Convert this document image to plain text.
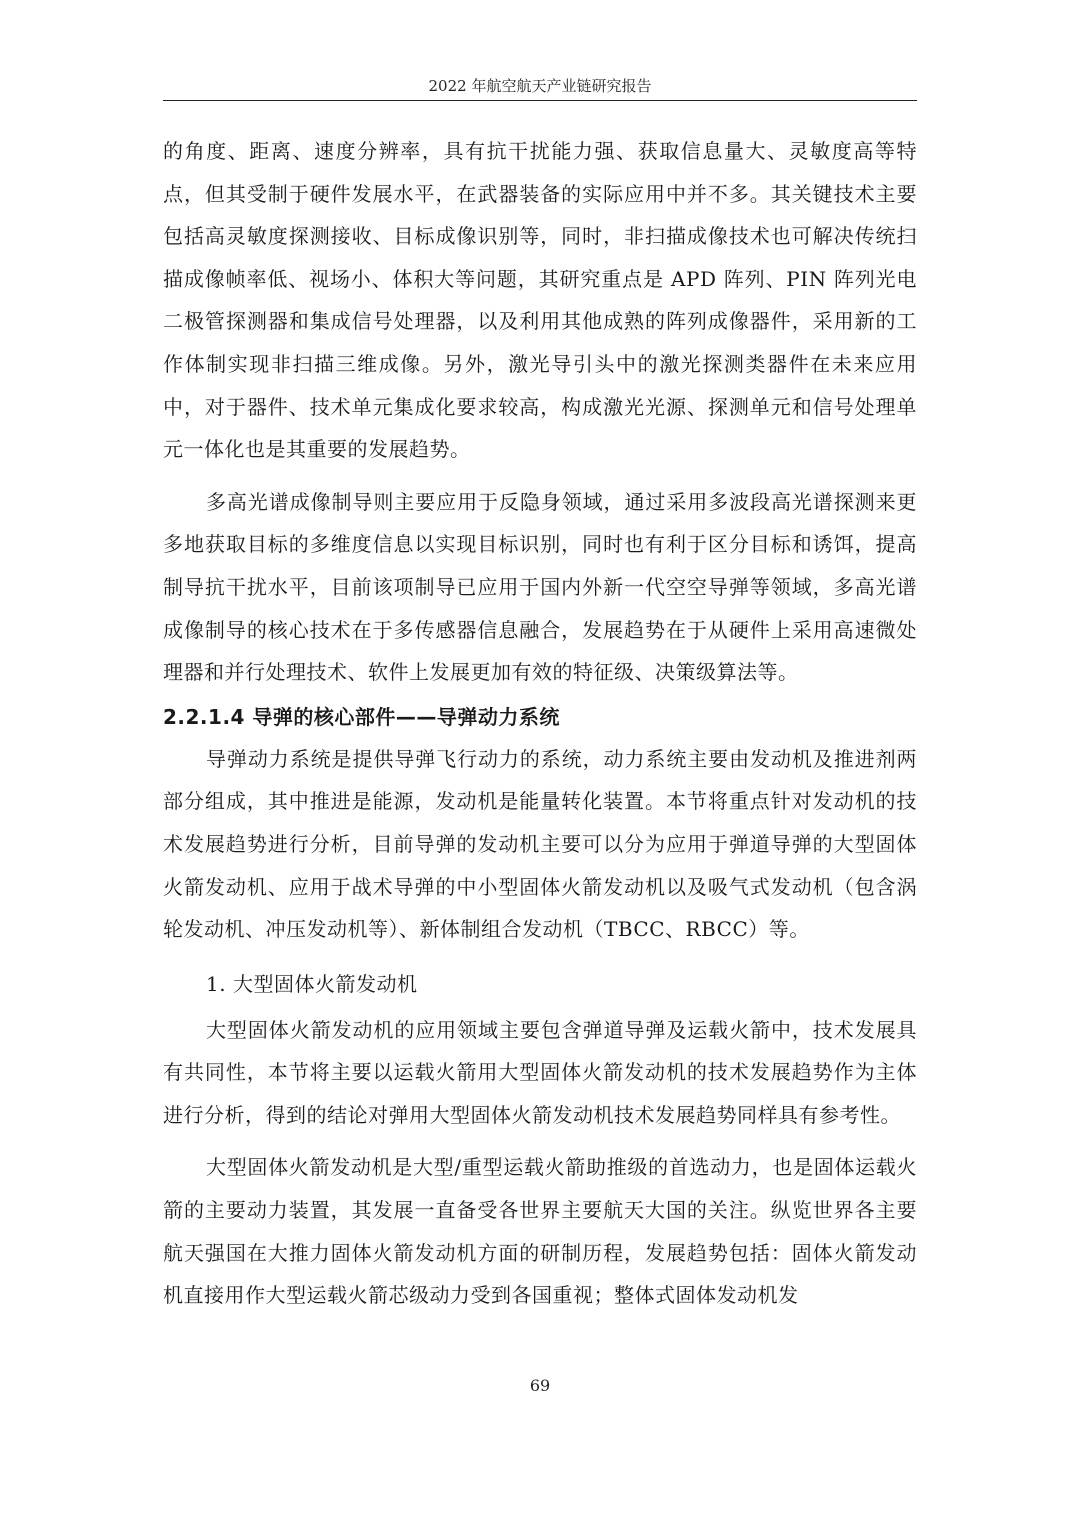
2022 年航空航天产业链研究报告

的角度、距离、速度分辨率，具有抗干扰能力强、获取信息量大、灵敏度高等特点，但其受制于硬件发展水平，在武器装备的实际应用中并不多。其关键技术主要包括高灵敏度探测接收、目标成像识别等，同时，非扫描成像技术也可解决传统扫描成像帧率低、视场小、体积大等问题，其研究重点是 APD 阵列、PIN 阵列光电二极管探测器和集成信号处理器，以及利用其他成熟的阵列成像器件，采用新的工作体制实现非扫描三维成像。另外，激光导引头中的激光探测类器件在未来应用中，对于器件、技术单元集成化要求较高，构成激光光源、探测单元和信号处理单元一体化也是其重要的发展趋势。

多高光谱成像制导则主要应用于反隐身领域，通过采用多波段高光谱探测来更多地获取目标的多维度信息以实现目标识别，同时也有利于区分目标和诱饵，提高制导抗干扰水平，目前该项制导已应用于国内外新一代空空导弹等领域，多高光谱成像制导的核心技术在于多传感器信息融合，发展趋势在于从硬件上采用高速微处理器和并行处理技术、软件上发展更加有效的特征级、决策级算法等。

2.2.1.4 导弹的核心部件——导弹动力系统

导弹动力系统是提供导弹飞行动力的系统，动力系统主要由发动机及推进剂两部分组成，其中推进是能源，发动机是能量转化装置。本节将重点针对发动机的技术发展趋势进行分析，目前导弹的发动机主要可以分为应用于弹道导弹的大型固体火箭发动机、应用于战术导弹的中小型固体火箭发动机以及吸气式发动机（包含涡轮发动机、冲压发动机等）、新体制组合发动机（TBCC、RBCC）等。

1. 大型固体火箭发动机

大型固体火箭发动机的应用领域主要包含弹道导弹及运载火箭中，技术发展具有共同性，本节将主要以运载火箭用大型固体火箭发动机的技术发展趋势作为主体进行分析，得到的结论对弹用大型固体火箭发动机技术发展趋势同样具有参考性。

大型固体火箭发动机是大型/重型运载火箭助推级的首选动力，也是固体运载火箭的主要动力装置，其发展一直备受各世界主要航天大国的关注。纵览世界各主要航天强国在大推力固体火箭发动机方面的研制历程，发展趋势包括：固体火箭发动机直接用作大型运载火箭芯级动力受到各国重视；整体式固体发动机发

69
